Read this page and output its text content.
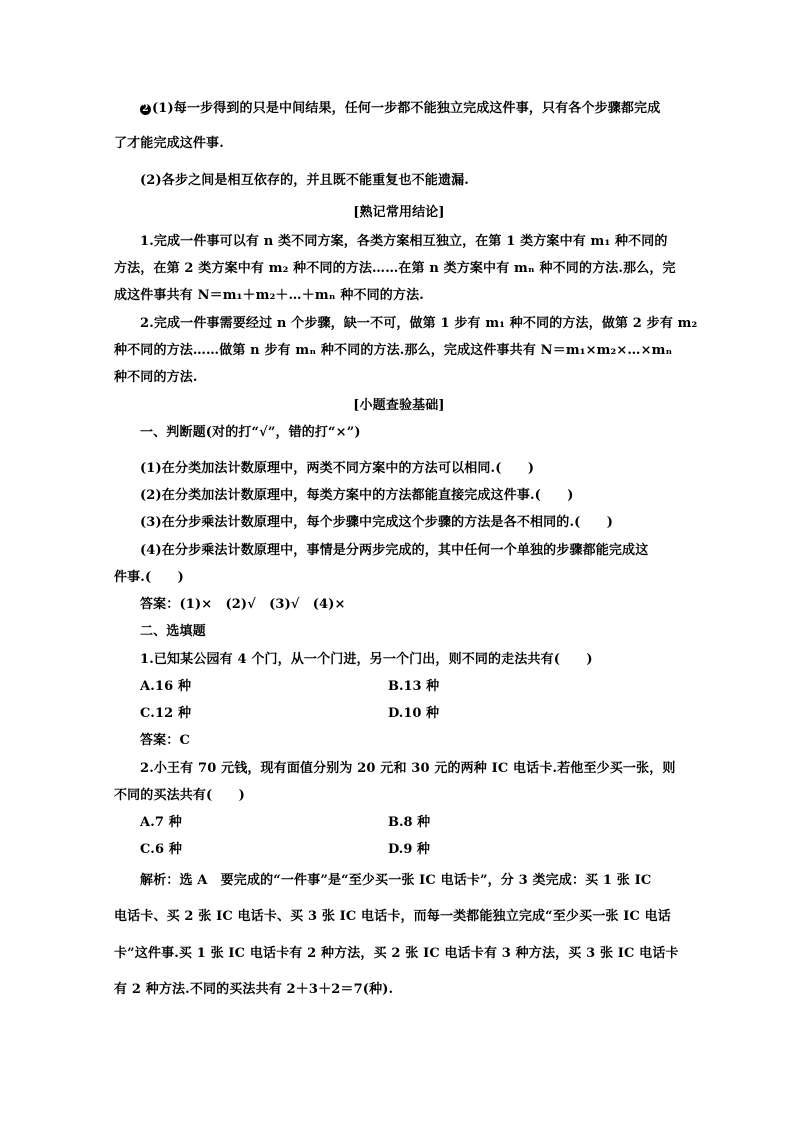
2 (1)每一步得到的只是中间结果，任何一步都不能独立完成这件事，只有各个步骤都完成
了才能完成这件事.
(2)各步之间是相互依存的，并且既不能重复也不能遗漏.
[熟记常用结论]
1.完成一件事可以有 n 类不同方案，各类方案相互独立，在第 1 类方案中有 m₁ 种不同的
方法，在第 2 类方案中有 m₂ 种不同的方法……在第 n 类方案中有 mₙ 种不同的方法.那么，完
成这件事共有 N＝m₁＋m₂＋…＋mₙ 种不同的方法.
2.完成一件事需要经过 n 个步骤，缺一不可，做第 1 步有 m₁ 种不同的方法，做第 2 步有 m₂
种不同的方法……做第 n 步有 mₙ 种不同的方法.那么，完成这件事共有 N＝m₁×m₂×…×mₙ
种不同的方法.
[小题查验基础]
一、判断题(对的打“√”，错的打“×”)
(1)在分类加法计数原理中，两类不同方案中的方法可以相同.(　　)
(2)在分类加法计数原理中，每类方案中的方法都能直接完成这件事.(　　)
(3)在分步乘法计数原理中，每个步骤中完成这个步骤的方法是各不相同的.(　　)
(4)在分步乘法计数原理中，事情是分两步完成的，其中任何一个单独的步骤都能完成这
件事.(　　)
答案：(1)×　(2)√　(3)√　(4)×
二、选填题
1.已知某公园有 4 个门，从一个门进，另一个门出，则不同的走法共有(　　)
A.16 种	B.13 种
C.12 种	D.10 种
答案：C
2.小王有 70 元钱，现有面值分别为 20 元和 30 元的两种 IC 电话卡.若他至少买一张，则
不同的买法共有(　　)
A.7 种	B.8 种
C.6 种	D.9 种
解析：选 A　要完成的“一件事”是“至少买一张 IC 电话卡”，分 3 类完成：买 1 张 IC
电话卡、买 2 张 IC 电话卡、买 3 张 IC 电话卡，而每一类都能独立完成“至少买一张 IC 电话
卡”这件事.买 1 张 IC 电话卡有 2 种方法，买 2 张 IC 电话卡有 3 种方法，买 3 张 IC 电话卡
有 2 种方法.不同的买法共有 2＋3＋2＝7(种).
